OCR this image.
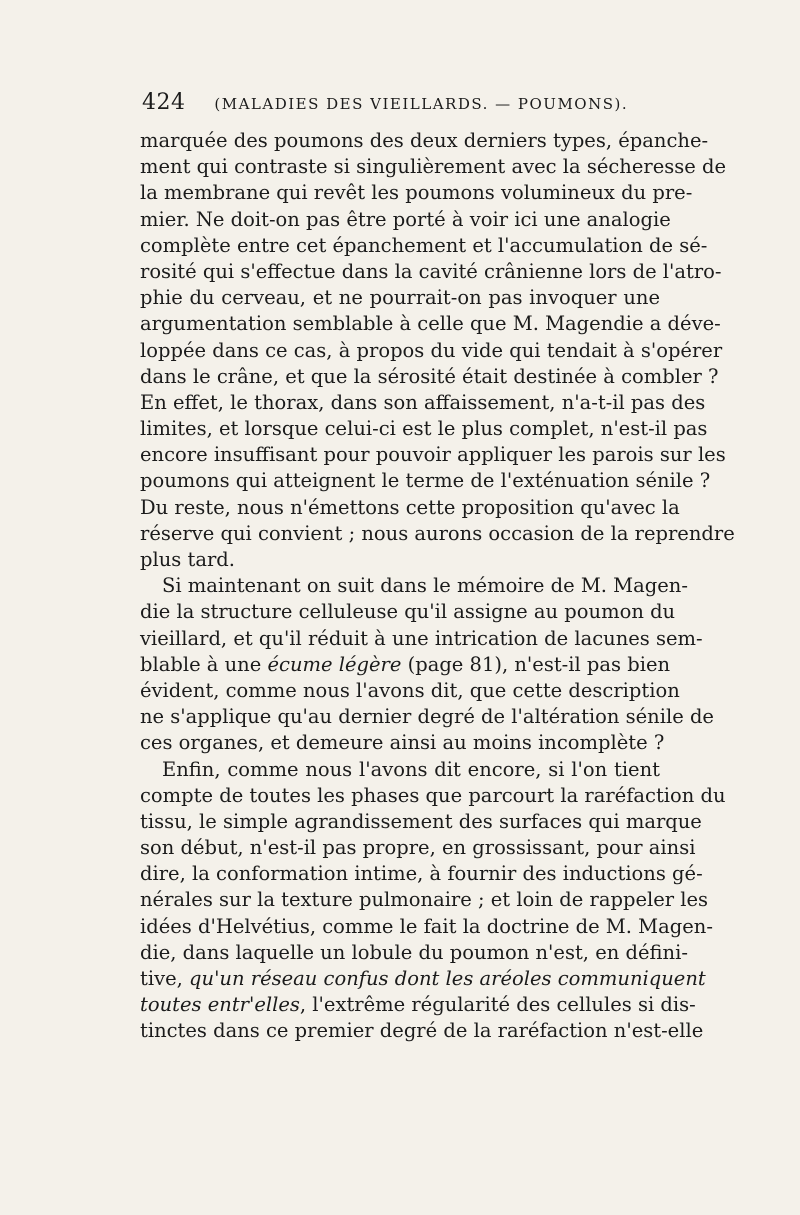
424 (MALADIES DES VIEILLARDS. — POUMONS).
marquée des poumons des deux derniers types, épanche-
ment qui contraste si singulièrement avec la sécheresse de
la membrane qui revêt les poumons volumineux du pre-
mier. Ne doit-on pas être porté à voir ici une analogie
complète entre cet épanchement et l'accumulation de sé-
rosité qui s'effectue dans la cavité crânienne lors de l'atro-
phie du cerveau, et ne pourrait-on pas invoquer une
argumentation semblable à celle que M. Magendie a déve-
loppée dans ce cas, à propos du vide qui tendait à s'opérer
dans le crâne, et que la sérosité était destinée à combler ?
En effet, le thorax, dans son affaissement, n'a-t-il pas des
limites, et lorsque celui-ci est le plus complet, n'est-il pas
encore insuffisant pour pouvoir appliquer les parois sur les
poumons qui atteignent le terme de l'exténuation sénile ?
Du reste, nous n'émettons cette proposition qu'avec la
réserve qui convient ; nous aurons occasion de la reprendre
plus tard.
Si maintenant on suit dans le mémoire de M. Magen-
die la structure celluleuse qu'il assigne au poumon du
vieillard, et qu'il réduit à une intrication de lacunes sem-
blable à une écume légère (page 81), n'est-il pas bien
évident, comme nous l'avons dit, que cette description
ne s'applique qu'au dernier degré de l'altération sénile de
ces organes, et demeure ainsi au moins incomplète ?
Enfin, comme nous l'avons dit encore, si l'on tient
compte de toutes les phases que parcourt la raréfaction du
tissu, le simple agrandissement des surfaces qui marque
son début, n'est-il pas propre, en grossissant, pour ainsi
dire, la conformation intime, à fournir des inductions gé-
nérales sur la texture pulmonaire ; et loin de rappeler les
idées d'Helvétius, comme le fait la doctrine de M. Magen-
die, dans laquelle un lobule du poumon n'est, en défini-
tive, qu'un réseau confus dont les aréoles communiquent
toutes entr'elles, l'extrême régularité des cellules si dis-
tinctes dans ce premier degré de la raréfaction n'est-elle
